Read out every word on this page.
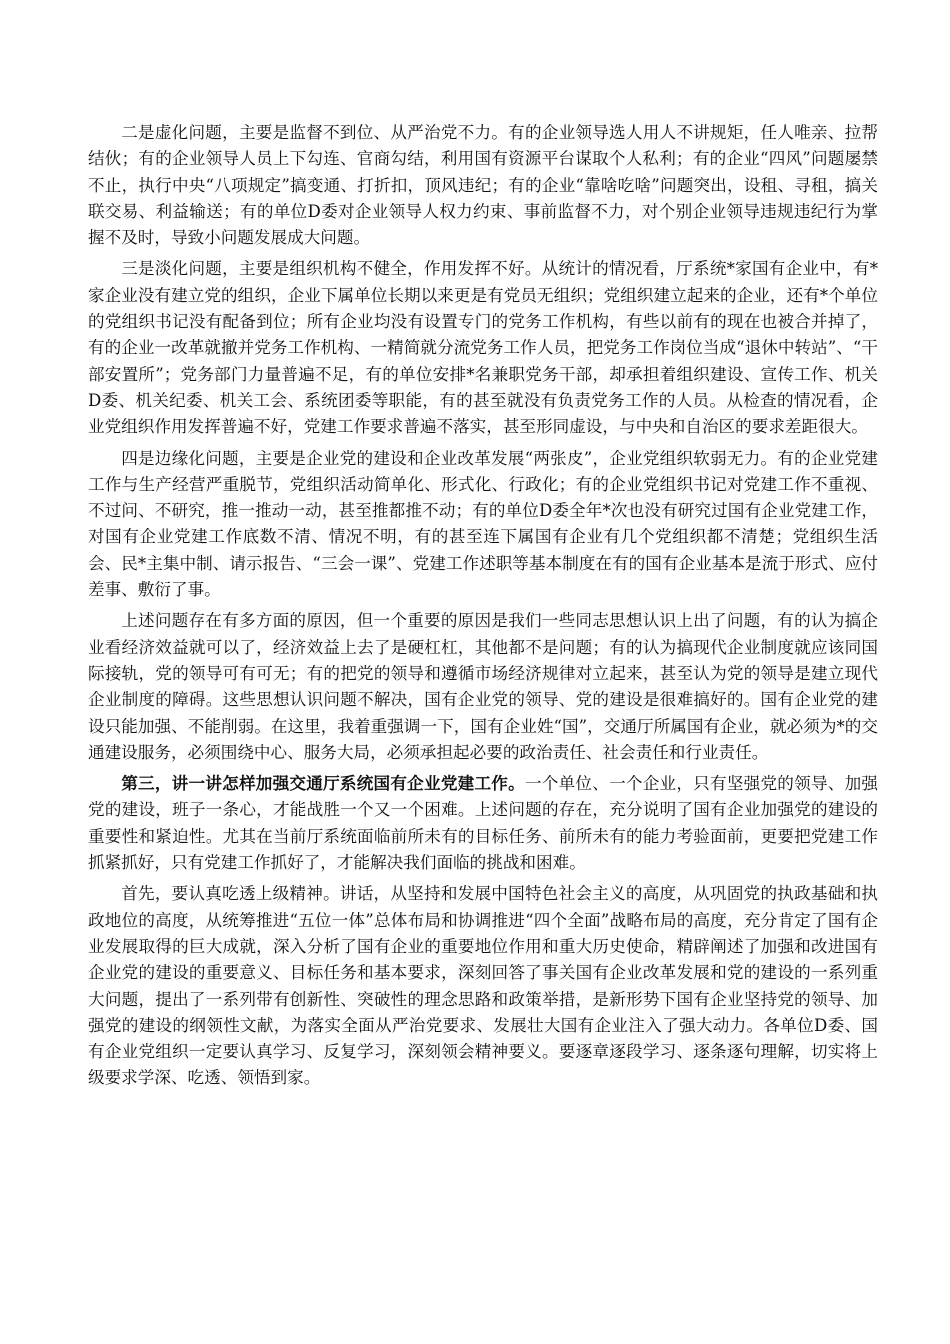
二是虚化问题，主要是监督不到位、从严治党不力。有的企业领导选人用人不讲规矩，任人唯亲、拉帮结伙；有的企业领导人员上下勾连、官商勾结，利用国有资源平台谋取个人私利；有的企业“四风”问题屡禁不止，执行中央“八项规定”搞变通、打折扣，顶风违纪；有的企业“靠啥吃啥”问题突出，设租、寻租，搞关联交易、利益输送；有的单位D委对企业领导人权力约束、事前监督不力，对个别企业领导违规违纪行为掌握不及时，导致小问题发展成大问题。

三是淡化问题，主要是组织机构不健全，作用发挥不好。从统计的情况看，厅系统*家国有企业中，有*家企业没有建立党的组织，企业下属单位长期以来更是有党员无组织；党组织建立起来的企业，还有*个单位的党组织书记没有配备到位；所有企业均没有设置专门的党务工作机构，有些以前有的现在也被合并掉了，有的企业一改革就撤并党务工作机构、一精简就分流党务工作人员，把党务工作岗位当成“退休中转站”、“干部安置所”；党务部门力量普遍不足，有的单位安排*名兼职党务干部，却承担着组织建设、宣传工作、机关D委、机关纪委、机关工会、系统团委等职能，有的甚至就没有负责党务工作的人员。从检查的情况看，企业党组织作用发挥普遍不好，党建工作要求普遍不落实，甚至形同虚设，与中央和自治区的要求差距很大。

四是边缘化问题，主要是企业党的建设和企业改革发展“两张皮”，企业党组织软弱无力。有的企业党建工作与生产经营严重脱节，党组织活动简单化、形式化、行政化；有的企业党组织书记对党建工作不重视、不过问、不研究，推一推动一动，甚至推都推不动；有的单位D委全年*次也没有研究过国有企业党建工作，对国有企业党建工作底数不清、情况不明，有的甚至连下属国有企业有几个党组织都不清楚；党组织生活会、民*主集中制、请示报告、“三会一课”、党建工作述职等基本制度在有的国有企业基本是流于形式、应付差事、敷衍了事。

上述问题存在有多方面的原因，但一个重要的原因是我们一些同志思想认识上出了问题，有的认为搞企业看经济效益就可以了，经济效益上去了是硬杠杠，其他都不是问题；有的认为搞现代企业制度就应该同国际接轨，党的领导可有可无；有的把党的领导和遵循市场经济规律对立起来，甚至认为党的领导是建立现代企业制度的障碍。这些思想认识问题不解决，国有企业党的领导、党的建设是很难搞好的。国有企业党的建设只能加强、不能削弱。在这里，我着重强调一下，国有企业姓“国”，交通厅所属国有企业，就必须为*的交通建设服务，必须围绕中心、服务大局，必须承担起必要的政治责任、社会责任和行业责任。

第三，讲一讲怎样加强交通厅系统国有企业党建工作。一个单位、一个企业，只有坚强党的领导、加强党的建设，班子一条心，才能战胜一个又一个困难。上述问题的存在，充分说明了国有企业加强党的建设的重要性和紧迫性。尤其在当前厅系统面临前所未有的目标任务、前所未有的能力考验面前，更要把党建工作抓紧抓好，只有党建工作抓好了，才能解决我们面临的挑战和困难。

首先，要认真吃透上级精神。讲话，从坚持和发展中国特色社会主义的高度，从巩固党的执政基础和执政地位的高度，从统筹推进“五位一体”总体布局和协调推进“四个全面”战略布局的高度，充分肯定了国有企业发展取得的巨大成就，深入分析了国有企业的重要地位作用和重大历史使命，精辟阐述了加强和改进国有企业党的建设的重要意义、目标任务和基本要求，深刻回答了事关国有企业改革发展和党的建设的一系列重大问题，提出了一系列带有创新性、突破性的理念思路和政策举措，是新形势下国有企业坚持党的领导、加强党的建设的纲领性文献，为落实全面从严治党要求、发展壮大国有企业注入了强大动力。各单位D委、国有企业党组织一定要认真学习、反复学习，深刻领会精神要义。要逐章逐段学习、逐条逐句理解，切实将上级要求学深、吃透、领悟到家。
